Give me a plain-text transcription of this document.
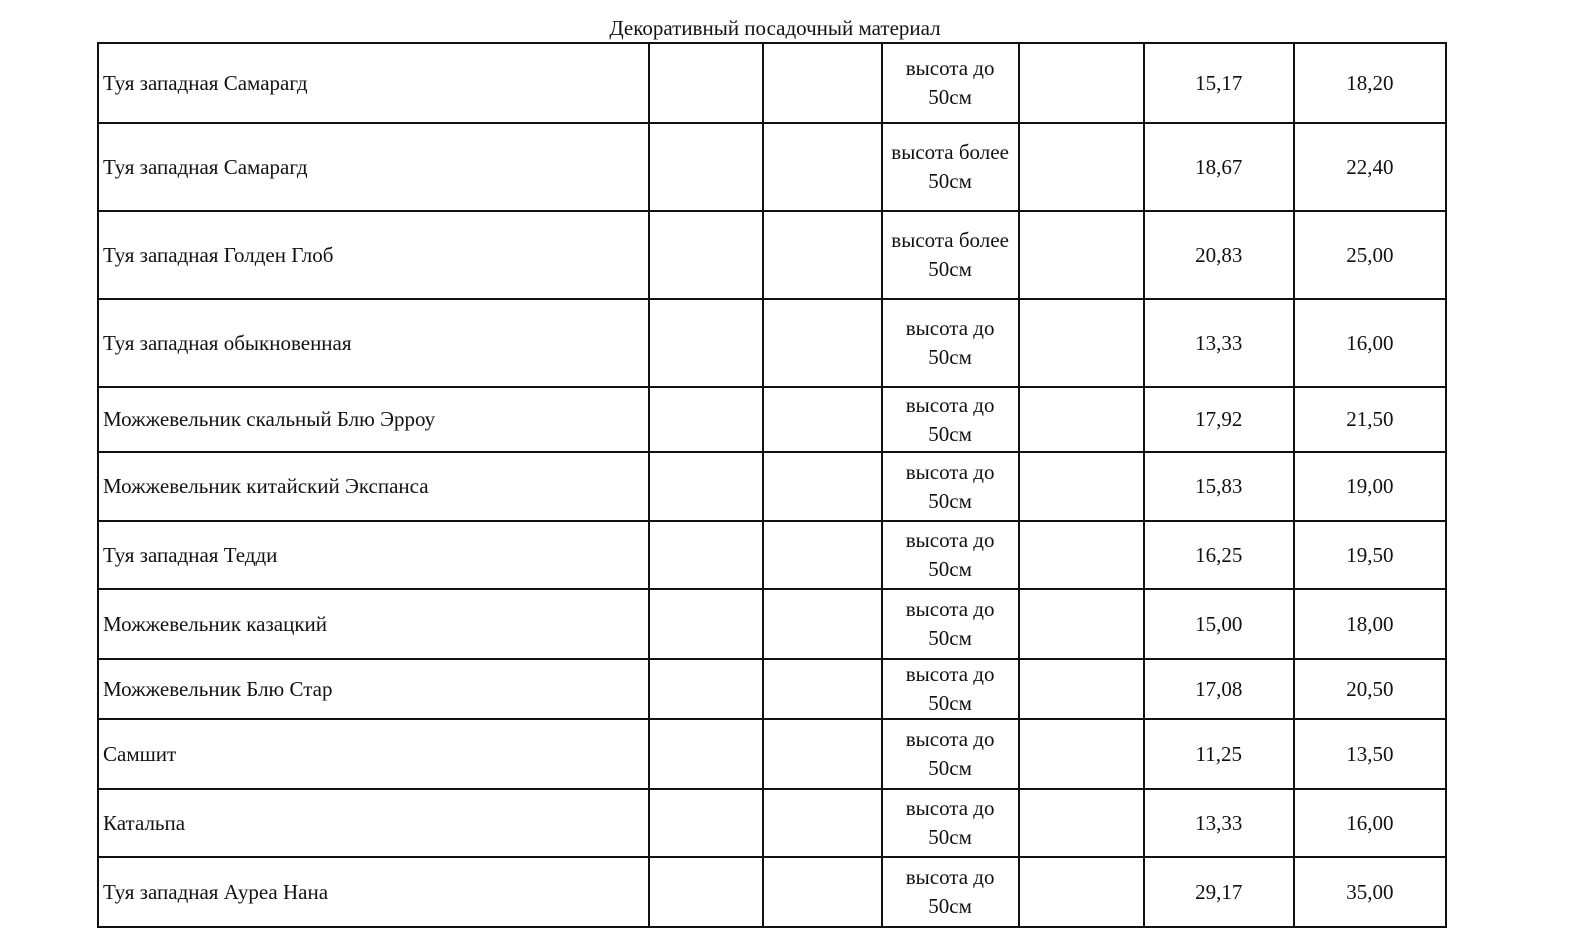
Декоративный посадочный материал
Туя западная Самарагд			высота до 50см		15,17	18,20
Туя западная Самарагд			высота более 50см		18,67	22,40
Туя западная Голден Глоб			высота более 50см		20,83	25,00
Туя западная обыкновенная			высота до 50см		13,33	16,00
Можжевельник скальный Блю Эрроу			высота до 50см		17,92	21,50
Можжевельник китайский Экспанса			высота до 50см		15,83	19,00
Туя западная Тедди			высота до 50см		16,25	19,50
Можжевельник казацкий			высота до 50см		15,00	18,00
Можжевельник Блю Стар			высота до 50см		17,08	20,50
Самшит			высота до 50см		11,25	13,50
Катальпа			высота до 50см		13,33	16,00
Туя западная Ауреа Нана			высота до 50см		29,17	35,00
